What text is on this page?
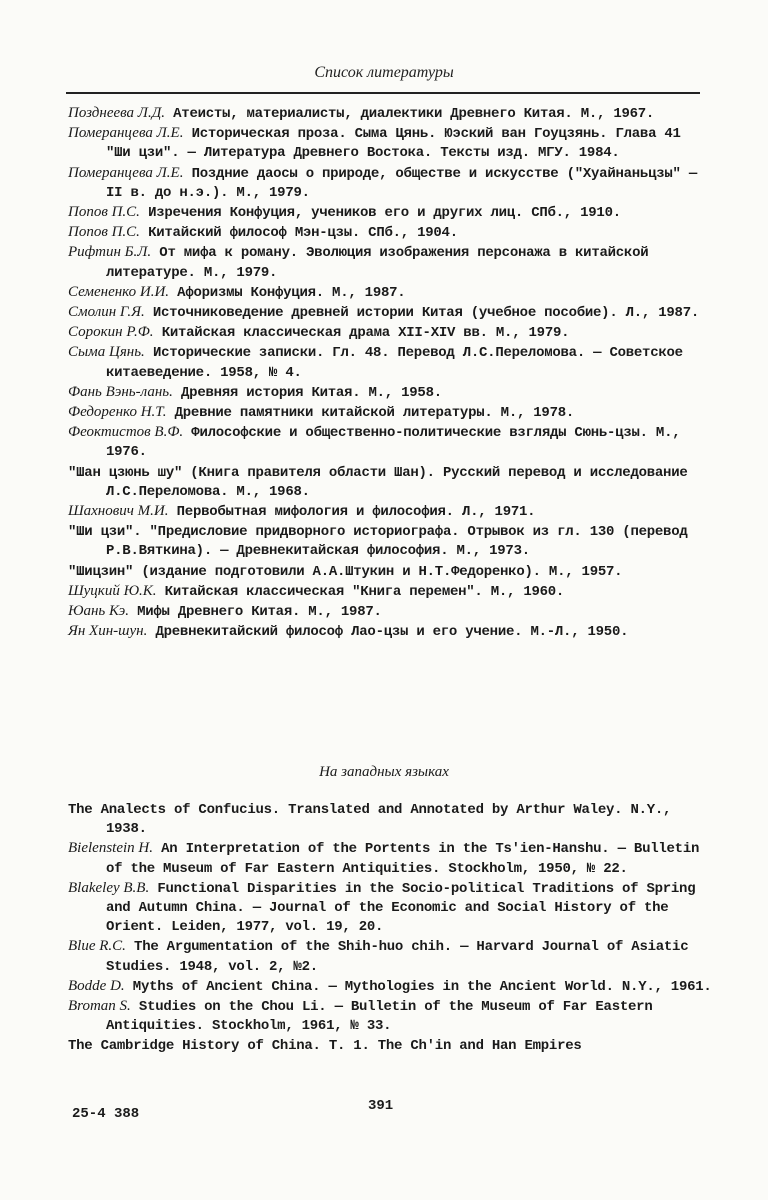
Список литературы

Позднеева Л.Д. Атеисты, материалисты, диалектики Древнего Китая. М., 1967.

Померанцева Л.Е. Историческая проза. Сыма Цянь. Юэский ван Гоуцзянь. Глава 41 "Ши цзи". — Литература Древнего Востока. Тексты изд. МГУ. 1984.

Померанцева Л.Е. Поздние даосы о природе, обществе и искусстве ("Хуайнаньцзы" — II в. до н.э.). М., 1979.

Попов П.С. Изречения Конфуция, учеников его и других лиц. СПб., 1910.

Попов П.С. Китайский философ Мэн-цзы. СПб., 1904.

Рифтин Б.Л. От мифа к роману. Эволюция изображения персонажа в китайской литературе. М., 1979.

Семененко И.И. Афоризмы Конфуция. М., 1987.

Смолин Г.Я. Источниковедение древней истории Китая (учебное пособие). Л., 1987.

Сорокин Р.Ф. Китайская классическая драма XII-XIV вв. М., 1979.

Сыма Цянь. Исторические записки. Гл. 48. Перевод Л.С.Переломова. — Советское китаеведение. 1958, № 4.

Фань Вэнь-лань. Древняя история Китая. М., 1958.

Федоренко Н.Т. Древние памятники китайской литературы. М., 1978.

Феоктистов В.Ф. Философские и общественно-политические взгляды Сюнь-цзы. М., 1976.

"Шан цзюнь шу" (Книга правителя области Шан). Русский перевод и исследование Л.С.Переломова. М., 1968.

Шахнович М.И. Первобытная мифология и философия. Л., 1971.

"Ши цзи". "Предисловие придворного историографа. Отрывок из гл. 130 (перевод Р.В.Вяткина). — Древнекитайская философия. М., 1973.

"Шицзин" (издание подготовили А.А.Штукин и Н.Т.Федоренко). М., 1957.

Шуцкий Ю.К. Китайская классическая "Книга перемен". М., 1960.

Юань Кэ. Мифы Древнего Китая. М., 1987.

Ян Хин-шун. Древнекитайский философ Лао-цзы и его учение. М.-Л., 1950.

На западных языках

The Analects of Confucius. Translated and Annotated by Arthur Waley. N.Y., 1938.

Bielenstein H. An Interpretation of the Portents in the Ts'ien-Hanshu. — Bulletin of the Museum of Far Eastern Antiquities. Stockholm, 1950, № 22.

Blakeley B.B. Functional Disparities in the Socio-political Traditions of Spring and Autumn China. — Journal of the Economic and Social History of the Orient. Leiden, 1977, vol. 19, 20.

Blue R.C. The Argumentation of the Shih-huo chih. — Harvard Journal of Asiatic Studies. 1948, vol. 2, №2.

Bodde D. Myths of Ancient China. — Mythologies in the Ancient World. N.Y., 1961.

Broman S. Studies on the Chou Li. — Bulletin of the Museum of Far Eastern Antiquities. Stockholm, 1961, № 33.

The Cambridge History of China. T. 1. The Ch'in and Han Empires

25-4 388	391
